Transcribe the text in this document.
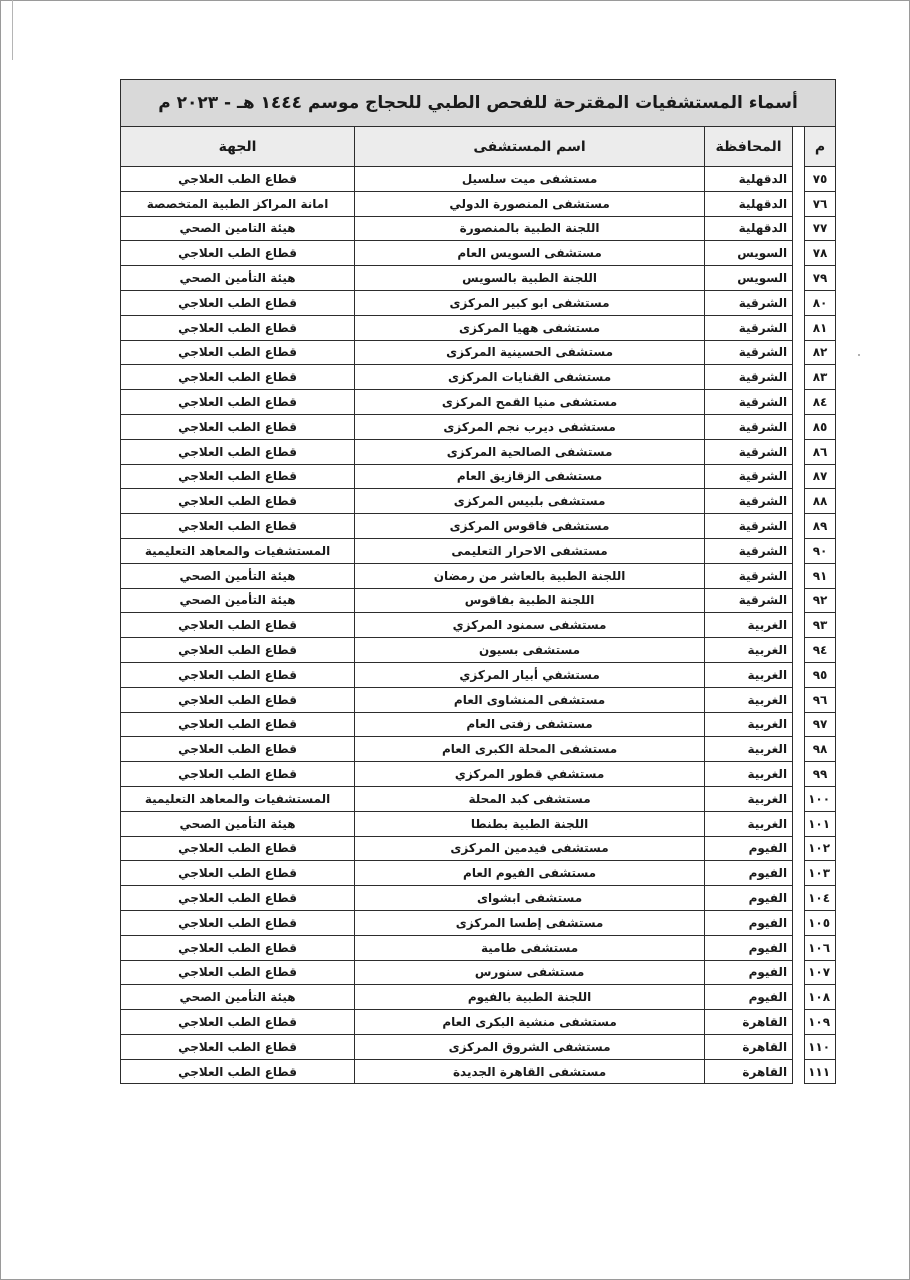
أسماء المستشفيات المقترحة للفحص الطبي للحجاج موسم ١٤٤٤ هـ - ٢٠٢٣ م				
م		المحافظة	اسم المستشفى	الجهة
٧٥		الدقهلية	مستشفى ميت سلسيل	قطاع الطب العلاجي
٧٦		الدقهلية	مستشفى المنصورة الدولي	امانة المراكز الطبية المتخصصة
٧٧		الدقهلية	اللجنة الطبية بالمنصورة	هيئة التامين الصحي
٧٨		السويس	مستشفى السويس العام	قطاع الطب العلاجي
٧٩		السويس	اللجنة الطبية بالسويس	هيئة التأمين الصحي
٨٠		الشرقية	مستشفى ابو كبير المركزى	قطاع الطب العلاجي
٨١		الشرقية	مستشفى ههيا المركزى	قطاع الطب العلاجي
٨٢		الشرقية	مستشفى الحسينية المركزى	قطاع الطب العلاجي
٨٣		الشرقية	مستشفى القنايات المركزى	قطاع الطب العلاجي
٨٤		الشرقية	مستشفى منيا القمح المركزى	قطاع الطب العلاجي
٨٥		الشرقية	مستشفى ديرب نجم المركزى	قطاع الطب العلاجي
٨٦		الشرقية	مستشفى الصالحية المركزى	قطاع الطب العلاجي
٨٧		الشرقية	مستشفى الزقازيق العام	قطاع الطب العلاجي
٨٨		الشرقية	مستشفى بلبيس المركزى	قطاع الطب العلاجي
٨٩		الشرقية	مستشفى فاقوس المركزى	قطاع الطب العلاجي
٩٠		الشرقية	مستشفى الاحرار التعليمى	المستشفيات والمعاهد التعليمية
٩١		الشرقية	اللجنة الطبية بالعاشر من رمضان	هيئة التأمين الصحي
٩٢		الشرقية	اللجنة الطبية بفاقوس	هيئة التأمين الصحي
٩٣		الغربية	مستشفى سمنود المركزي	قطاع الطب العلاجي
٩٤		الغربية	مستشفى بسيون	قطاع الطب العلاجي
٩٥		الغربية	مستشفي أبيار المركزي	قطاع الطب العلاجي
٩٦		الغربية	مستشفى المنشاوى العام	قطاع الطب العلاجي
٩٧		الغربية	مستشفى زفتى العام	قطاع الطب العلاجي
٩٨		الغربية	مستشفى المحلة الكبرى العام	قطاع الطب العلاجي
٩٩		الغربية	مستشفي قطور المركزي	قطاع الطب العلاجي
١٠٠		الغربية	مستشفى كبد المحلة	المستشفيات والمعاهد التعليمية
١٠١		الغربية	اللجنة الطبية بطنطا	هيئة التأمين الصحي
١٠٢		الفيوم	مستشفى فيدمين المركزى	قطاع الطب العلاجي
١٠٣		الفيوم	مستشفى الفيوم العام	قطاع الطب العلاجي
١٠٤		الفيوم	مستشفى ابشواى	قطاع الطب العلاجي
١٠٥		الفيوم	مستشفى إطسا المركزى	قطاع الطب العلاجي
١٠٦		الفيوم	مستشفى طامية	قطاع الطب العلاجي
١٠٧		الفيوم	مستشفى سنورس	قطاع الطب العلاجي
١٠٨		الفيوم	اللجنة الطبية بالفيوم	هيئة التأمين الصحي
١٠٩		القاهرة	مستشفى منشية البكرى العام	قطاع الطب العلاجي
١١٠		القاهرة	مستشفى الشروق المركزى	قطاع الطب العلاجي
١١١		القاهرة	مستشفى القاهرة الجديدة	قطاع الطب العلاجي
